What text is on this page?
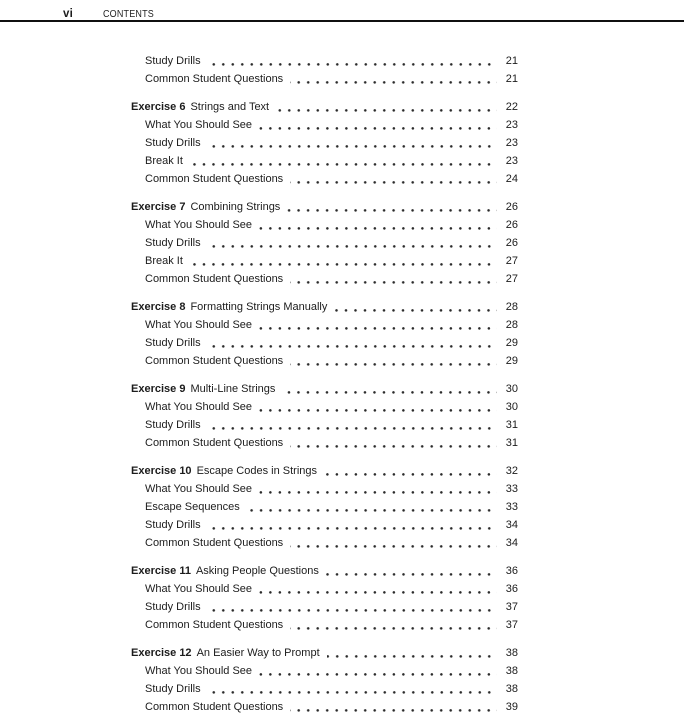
vi	CONTENTS
Study Drills	21
Common Student Questions	21
Exercise 6 Strings and Text	22
What You Should See	23
Study Drills	23
Break It	23
Common Student Questions	24
Exercise 7 Combining Strings	26
What You Should See	26
Study Drills	26
Break It	27
Common Student Questions	27
Exercise 8 Formatting Strings Manually	28
What You Should See	28
Study Drills	29
Common Student Questions	29
Exercise 9 Multi-Line Strings	30
What You Should See	30
Study Drills	31
Common Student Questions	31
Exercise 10 Escape Codes in Strings	32
What You Should See	33
Escape Sequences	33
Study Drills	34
Common Student Questions	34
Exercise 11 Asking People Questions	36
What You Should See	36
Study Drills	37
Common Student Questions	37
Exercise 12 An Easier Way to Prompt	38
What You Should See	38
Study Drills	38
Common Student Questions	39
